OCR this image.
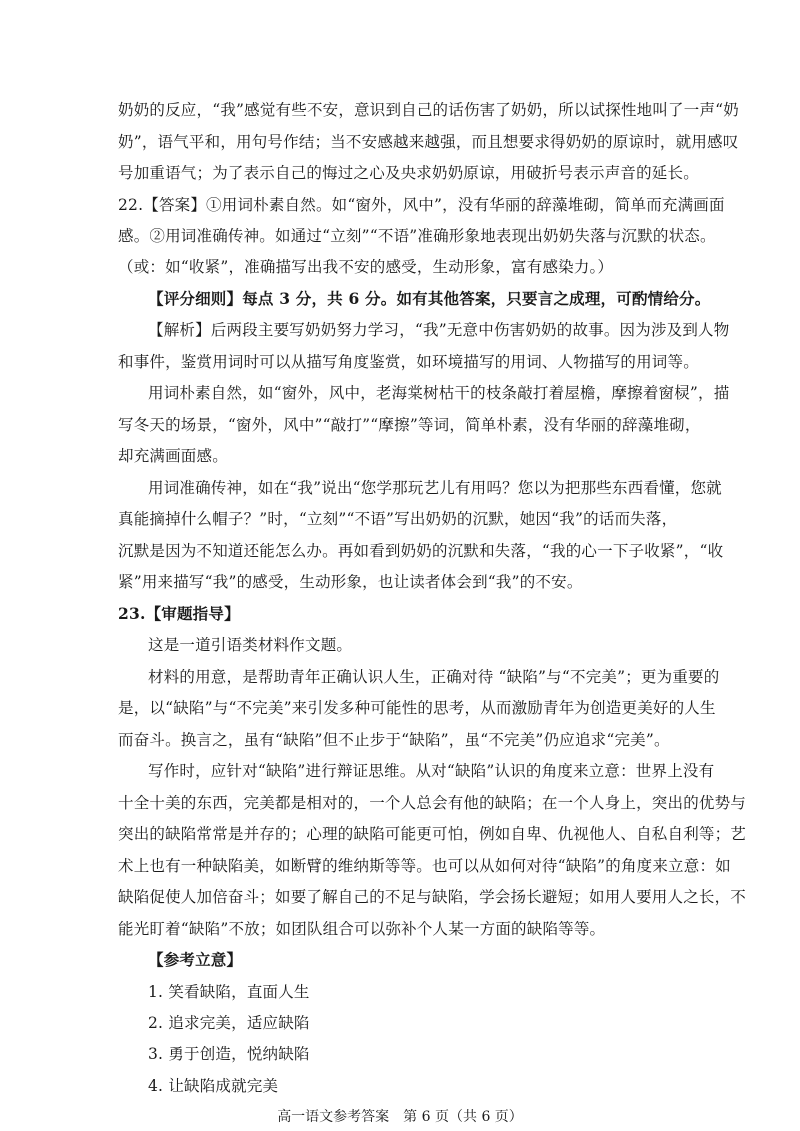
奶奶的反应，“我”感觉有些不安，意识到自己的话伤害了奶奶，所以试探性地叫了一声“奶
奶”，语气平和，用句号作结；当不安感越来越强，而且想要求得奶奶的原谅时，就用感叹
号加重语气；为了表示自己的悔过之心及央求奶奶原谅，用破折号表示声音的延长。
22.【答案】①用词朴素自然。如“窗外，风中”，没有华丽的辞藻堆砌，简单而充满画面
感。②用词准确传神。如通过“立刻”“不语”准确形象地表现出奶奶失落与沉默的状态。
（或：如“收紧”，准确描写出我不安的感受，生动形象，富有感染力。）
【评分细则】每点 3 分，共 6 分。如有其他答案，只要言之成理，可酌情给分。
【解析】后两段主要写奶奶努力学习，“我”无意中伤害奶奶的故事。因为涉及到人物
和事件，鉴赏用词时可以从描写角度鉴赏，如环境描写的用词、人物描写的用词等。
用词朴素自然，如“窗外，风中，老海棠树枯干的枝条敲打着屋檐，摩擦着窗棂”，描
写冬天的场景，“窗外，风中”“敲打”“摩擦”等词，简单朴素，没有华丽的辞藻堆砌，
却充满画面感。
用词准确传神，如在“我”说出“您学那玩艺儿有用吗？您以为把那些东西看懂，您就
真能摘掉什么帽子？”时，“立刻”“不语”写出奶奶的沉默，她因“我”的话而失落，
沉默是因为不知道还能怎么办。再如看到奶奶的沉默和失落，“我的心一下子收紧”，“收
紧”用来描写“我”的感受，生动形象，也让读者体会到“我”的不安。
23.【审题指导】
这是一道引语类材料作文题。
材料的用意，是帮助青年正确认识人生，正确对待 “缺陷”与“不完美”；更为重要的
是，以“缺陷”与“不完美”来引发多种可能性的思考，从而激励青年为创造更美好的人生
而奋斗。换言之，虽有“缺陷”但不止步于“缺陷”，虽“不完美”仍应追求“完美”。
写作时，应针对“缺陷”进行辩证思维。从对“缺陷”认识的角度来立意：世界上没有
十全十美的东西，完美都是相对的，一个人总会有他的缺陷；在一个人身上，突出的优势与
突出的缺陷常常是并存的；心理的缺陷可能更可怕，例如自卑、仇视他人、自私自利等；艺
术上也有一种缺陷美，如断臂的维纳斯等等。也可以从如何对待“缺陷”的角度来立意：如
缺陷促使人加倍奋斗；如要了解自己的不足与缺陷，学会扬长避短；如用人要用人之长，不
能光盯着“缺陷”不放；如团队组合可以弥补个人某一方面的缺陷等等。
【参考立意】
1. 笑看缺陷，直面人生
2. 追求完美，适应缺陷
3. 勇于创造，悦纳缺陷
4. 让缺陷成就完美
高一语文参考答案　第 6 页（共 6 页）
